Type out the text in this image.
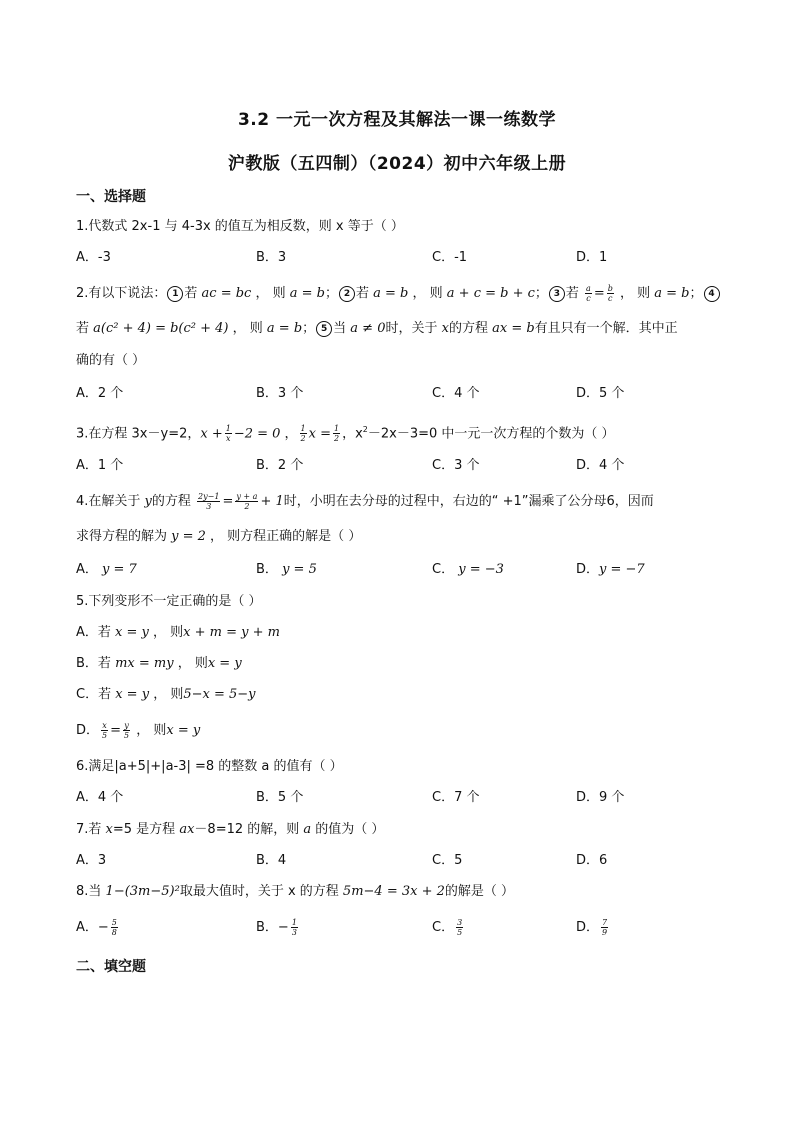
3.2 一元一次方程及其解法一课一练数学
沪教版（五四制）（2024）初中六年级上册
一、选择题
1.代数式 2x-1 与 4-3x 的值互为相反数，则 x 等于（ ）
A．-3	B．3	C．-1	D．1
2.有以下说法： 1 若 ac = bc ， 则 a = b； 2 若 a = b ， 则 a + c = b + c； 3 若 $\frac{a}{c} = \frac{b}{c}$ ， 则 a = b； 4
若 a(c² + 4) = b(c² + 4) ， 则 a = b； 5 当 a ≠ 0时，关于 x的方程 ax = b有且只有一个解．其中正
确的有（ ）
A．2 个	B．3 个	C．4 个	D．5 个
3.在方程 3x－y=2，$x + \frac{1}{x} -2 = 0$ ， $\frac{1}{2}$ $x = \frac{1}{2}$ ，$x^2-2x-3=0$ 中一元一次方程的个数为（ ）
A．1 个	B．2 个	C．3 个	D．4 个
4.在解关于 y的方程 $\frac{2y-1}{3} = \frac{y + a}{2} + 1$时，小明在去分母的过程中，右边的“ +1”漏乘了公分母6，因而
求得方程的解为 y = 2 ， 则方程正确的解是（ ）
A． y = 7	B． y = 5	C． y = −3	D．y = −7
5.下列变形不一定正确的是（ ）
A．若 x = y ， 则x + m = y + m
B．若 mx = my ， 则x = y
C．若 x = y ， 则5−x = 5−y
D． $\frac{x}{5} = \frac{y}{5}$ ， 则x = y
6.满足|a+5|+|a-3| =8 的整数 a 的值有（ ）
A．4 个	B．5 个	C．7 个	D．9 个
7.若 x=5 是方程 ax－8=12 的解，则 a 的值为（ ）
A．3	B．4	C．5	D．6
8.当 1−(3m−5)²取最大值时，关于 x 的方程 5m−4 = 3x + 2的解是（ ）
A．− $\frac{5}{8}$	B．− $\frac{1}{3}$	C． $\frac{3}{5}$	D． $\frac{7}{9}$
二、填空题
